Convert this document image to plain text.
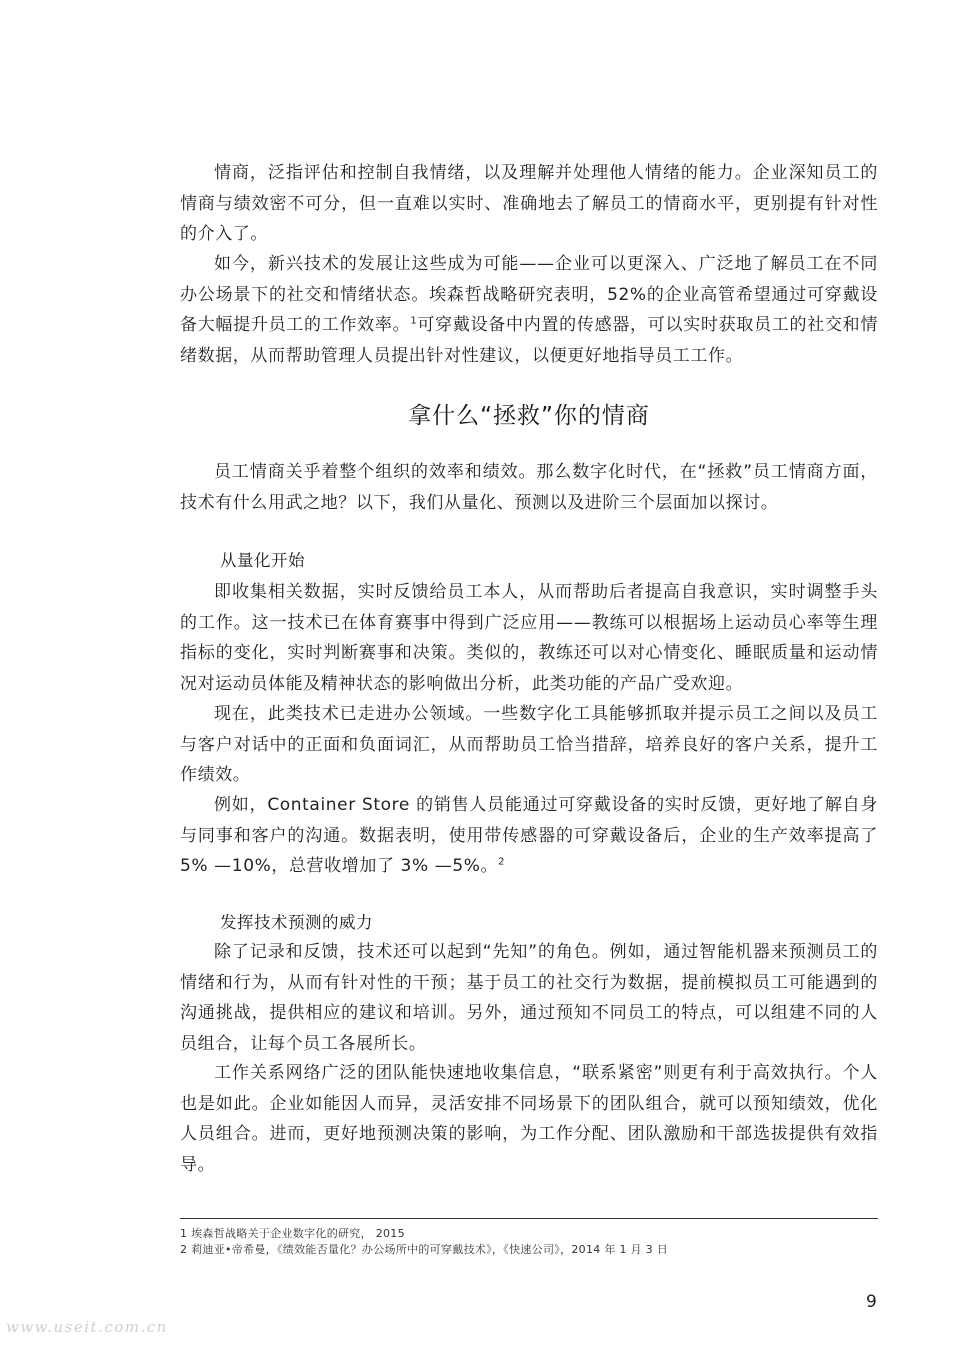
情商，泛指评估和控制自我情绪，以及理解并处理他人情绪的能力。企业深知员工的情商与绩效密不可分，但一直难以实时、准确地去了解员工的情商水平，更别提有针对性的介入了。

如今，新兴技术的发展让这些成为可能——企业可以更深入、广泛地了解员工在不同办公场景下的社交和情绪状态。埃森哲战略研究表明，52%的企业高管希望通过可穿戴设备大幅提升员工的工作效率。$^1$可穿戴设备中内置的传感器，可以实时获取员工的社交和情绪数据，从而帮助管理人员提出针对性建议，以便更好地指导员工工作。

拿什么“拯救”你的情商

员工情商关乎着整个组织的效率和绩效。那么数字化时代，在“拯救”员工情商方面，技术有什么用武之地？以下，我们从量化、预测以及进阶三个层面加以探讨。

从量化开始

即收集相关数据，实时反馈给员工本人，从而帮助后者提高自我意识，实时调整手头的工作。这一技术已在体育赛事中得到广泛应用——教练可以根据场上运动员心率等生理指标的变化，实时判断赛事和决策。类似的，教练还可以对心情变化、睡眠质量和运动情况对运动员体能及精神状态的影响做出分析，此类功能的产品广受欢迎。

现在，此类技术已走进办公领域。一些数字化工具能够抓取并提示员工之间以及员工与客户对话中的正面和负面词汇，从而帮助员工恰当措辞，培养良好的客户关系，提升工作绩效。

例如，Container Store 的销售人员能通过可穿戴设备的实时反馈，更好地了解自身与同事和客户的沟通。数据表明，使用带传感器的可穿戴设备后，企业的生产效率提高了 5% —10%，总营收增加了 3% —5%。$^2$

发挥技术预测的威力

除了记录和反馈，技术还可以起到“先知”的角色。例如，通过智能机器来预测员工的情绪和行为，从而有针对性的干预；基于员工的社交行为数据，提前模拟员工可能遇到的沟通挑战，提供相应的建议和培训。另外，通过预知不同员工的特点，可以组建不同的人员组合，让每个员工各展所长。

工作关系网络广泛的团队能快速地收集信息，“联系紧密”则更有利于高效执行。个人也是如此。企业如能因人而异，灵活安排不同场景下的团队组合，就可以预知绩效，优化人员组合。进而，更好地预测决策的影响，为工作分配、团队激励和干部选拔提供有效指导。

1 埃森哲战略关于企业数字化的研究， 2015

2 莉迪亚•帝希曼，《绩效能否量化？办公场所中的可穿戴技术》，《快速公司》，2014 年 1 月 3 日

9
www.useit.com.cn
